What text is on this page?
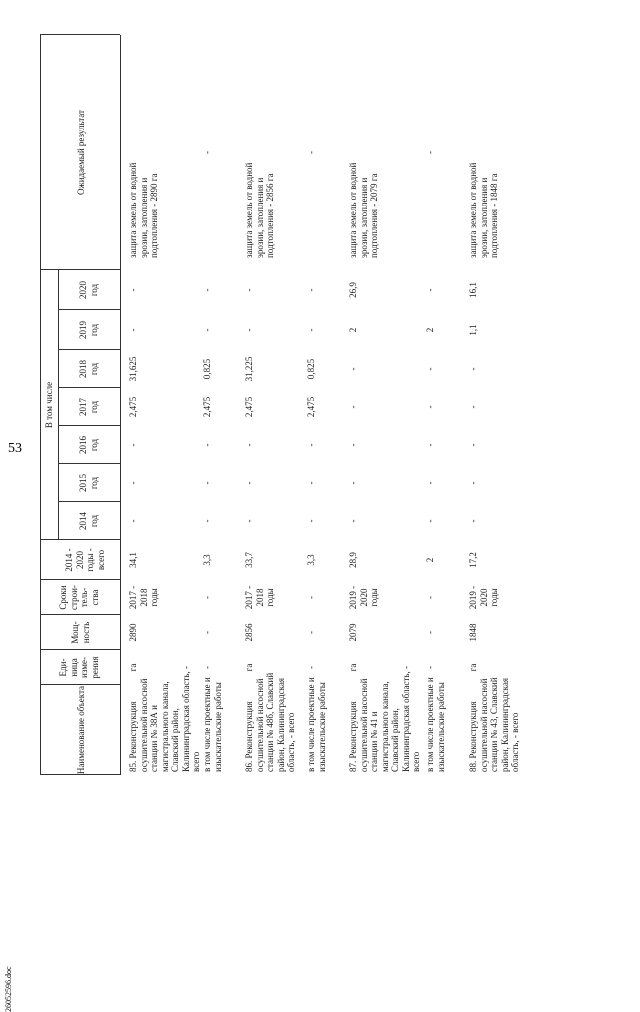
53
26052596.doc
Наименование объекта
Еди- ница изме- рения
Мощ- ность
Сроки строи- тель- ства
2014 - 2020 годы - всего
В том числе
2014 год
2015 год
2016 год
2017 год
2018 год
2019 год
2020 год
Ожидаемый результат
85. Реконструкция осушительной насосной станции № 38А и магистрального канала, Славский район, Калининградская область, - всего
га
2890
2017 - 2018 годы
34,1
-
-
-
2,475
31,625
-
-
защита земель от водной эрозии, затопления и подтопления - 2890 га
в том числе проектные и изыскательские работы
-
-
-
3,3
-
-
-
2,475
0,825
-
-
-
86. Реконструкция осушительной насосной станции № 48б, Славский район, Калининградская область, - всего
га
2856
2017 - 2018 годы
33,7
-
-
-
2,475
31,225
-
-
защита земель от водной эрозии, затопления и подтопления - 2856 га
в том числе проектные и изыскательские работы
-
-
-
3,3
-
-
-
2,475
0,825
-
-
-
87. Реконструкция осушительной насосной станции № 41 и магистрального канала, Славский район, Калининградская область, - всего
га
2079
2019 - 2020 годы
28,9
-
-
-
-
-
2
26,9
защита земель от водной эрозии, затопления и подтопления - 2079 га
в том числе проектные и изыскательские работы
-
-
-
2
-
-
-
-
-
2
-
-
88. Реконструкция осушительной насосной станции № 43, Славский район, Калининградская область, - всего
га
1848
2019 - 2020 годы
17,2
-
-
-
-
-
1,1
16,1
защита земель от водной эрозии, затопления и подтопления - 1848 га
